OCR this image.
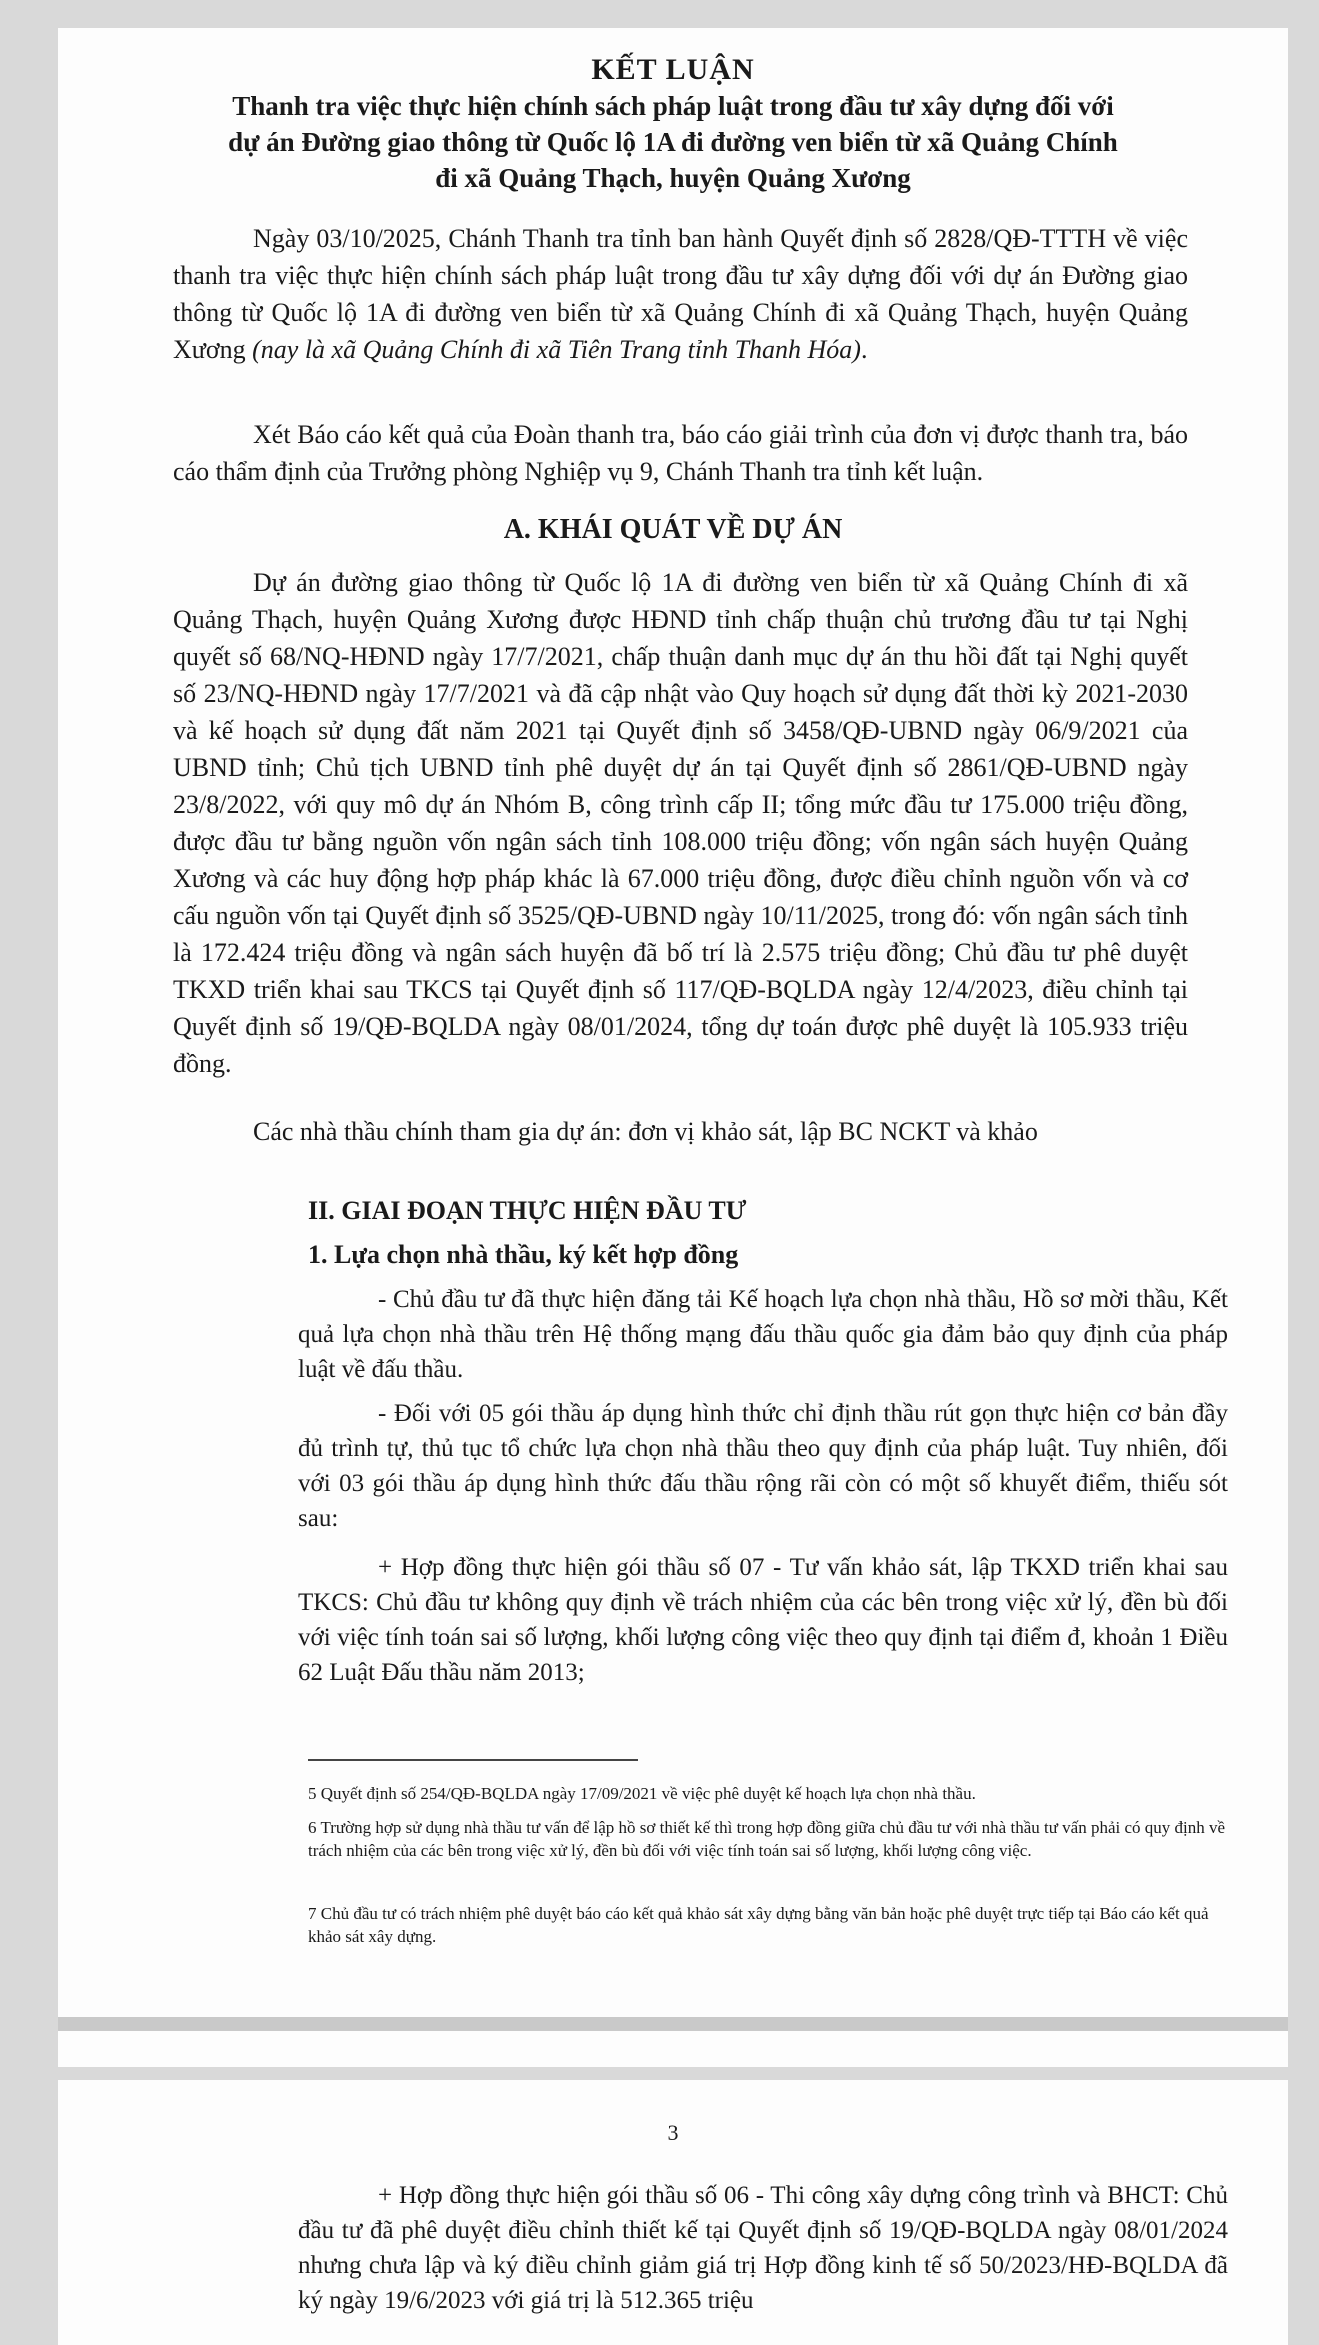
KẾT LUẬN
Thanh tra việc thực hiện chính sách pháp luật trong đầu tư xây dựng đối với
dự án Đường giao thông từ Quốc lộ 1A đi đường ven biển từ xã Quảng Chính
đi xã Quảng Thạch, huyện Quảng Xương

Ngày 03/10/2025, Chánh Thanh tra tỉnh ban hành Quyết định số 2828/QĐ-TTTH về việc thanh tra việc thực hiện chính sách pháp luật trong đầu tư xây dựng đối với dự án Đường giao thông từ Quốc lộ 1A đi đường ven biển từ xã Quảng Chính đi xã Quảng Thạch, huyện Quảng Xương (nay là xã Quảng Chính đi xã Tiên Trang tỉnh Thanh Hóa).

Xét Báo cáo kết quả của Đoàn thanh tra, báo cáo giải trình của đơn vị được thanh tra, báo cáo thẩm định của Trưởng phòng Nghiệp vụ 9, Chánh Thanh tra tỉnh kết luận.

A. KHÁI QUÁT VỀ DỰ ÁN

Dự án đường giao thông từ Quốc lộ 1A đi đường ven biển từ xã Quảng Chính đi xã Quảng Thạch, huyện Quảng Xương được HĐND tỉnh chấp thuận chủ trương đầu tư tại Nghị quyết số 68/NQ-HĐND ngày 17/7/2021, chấp thuận danh mục dự án thu hồi đất tại Nghị quyết số 23/NQ-HĐND ngày 17/7/2021 và đã cập nhật vào Quy hoạch sử dụng đất thời kỳ 2021-2030 và kế hoạch sử dụng đất năm 2021 tại Quyết định số 3458/QĐ-UBND ngày 06/9/2021 của UBND tỉnh; Chủ tịch UBND tỉnh phê duyệt dự án tại Quyết định số 2861/QĐ-UBND ngày 23/8/2022, với quy mô dự án Nhóm B, công trình cấp II; tổng mức đầu tư 175.000 triệu đồng, được đầu tư bằng nguồn vốn ngân sách tỉnh 108.000 triệu đồng; vốn ngân sách huyện Quảng Xương và các huy động hợp pháp khác là 67.000 triệu đồng, được điều chỉnh nguồn vốn và cơ cấu nguồn vốn tại Quyết định số 3525/QĐ-UBND ngày 10/11/2025, trong đó: vốn ngân sách tỉnh là 172.424 triệu đồng và ngân sách huyện đã bố trí là 2.575 triệu đồng; Chủ đầu tư phê duyệt TKXD triển khai sau TKCS tại Quyết định số 117/QĐ-BQLDA ngày 12/4/2023, điều chỉnh tại Quyết định số 19/QĐ-BQLDA ngày 08/01/2024, tổng dự toán được phê duyệt là 105.933 triệu đồng.

Các nhà thầu chính tham gia dự án: đơn vị khảo sát, lập BC NCKT và khảo

II. GIAI ĐOẠN THỰC HIỆN ĐẦU TƯ
1. Lựa chọn nhà thầu, ký kết hợp đồng

- Chủ đầu tư đã thực hiện đăng tải Kế hoạch lựa chọn nhà thầu, Hồ sơ mời thầu, Kết quả lựa chọn nhà thầu trên Hệ thống mạng đấu thầu quốc gia đảm bảo quy định của pháp luật về đấu thầu.

- Đối với 05 gói thầu áp dụng hình thức chỉ định thầu rút gọn thực hiện cơ bản đầy đủ trình tự, thủ tục tổ chức lựa chọn nhà thầu theo quy định của pháp luật. Tuy nhiên, đối với 03 gói thầu áp dụng hình thức đấu thầu rộng rãi còn có một số khuyết điểm, thiếu sót sau:

+ Hợp đồng thực hiện gói thầu số 07 - Tư vấn khảo sát, lập TKXD triển khai sau TKCS: Chủ đầu tư không quy định về trách nhiệm của các bên trong việc xử lý, đền bù đối với việc tính toán sai số lượng, khối lượng công việc theo quy định tại điểm đ, khoản 1 Điều 62 Luật Đấu thầu năm 2013;

5 Quyết định số 254/QĐ-BQLDA ngày 17/09/2021 về việc phê duyệt kế hoạch lựa chọn nhà thầu.

6 Trường hợp sử dụng nhà thầu tư vấn để lập hồ sơ thiết kế thì trong hợp đồng giữa chủ đầu tư với nhà thầu tư vấn phải có quy định về trách nhiệm của các bên trong việc xử lý, đền bù đối với việc tính toán sai số lượng, khối lượng công việc.

7 Chủ đầu tư có trách nhiệm phê duyệt báo cáo kết quả khảo sát xây dựng bằng văn bản hoặc phê duyệt trực tiếp tại Báo cáo kết quả khảo sát xây dựng.

3

+ Hợp đồng thực hiện gói thầu số 06 - Thi công xây dựng công trình và BHCT: Chủ đầu tư đã phê duyệt điều chỉnh thiết kế tại Quyết định số 19/QĐ-BQLDA ngày 08/01/2024 nhưng chưa lập và ký điều chỉnh giảm giá trị Hợp đồng kinh tế số 50/2023/HĐ-BQLDA đã ký ngày 19/6/2023 với giá trị là 512.365 triệu
